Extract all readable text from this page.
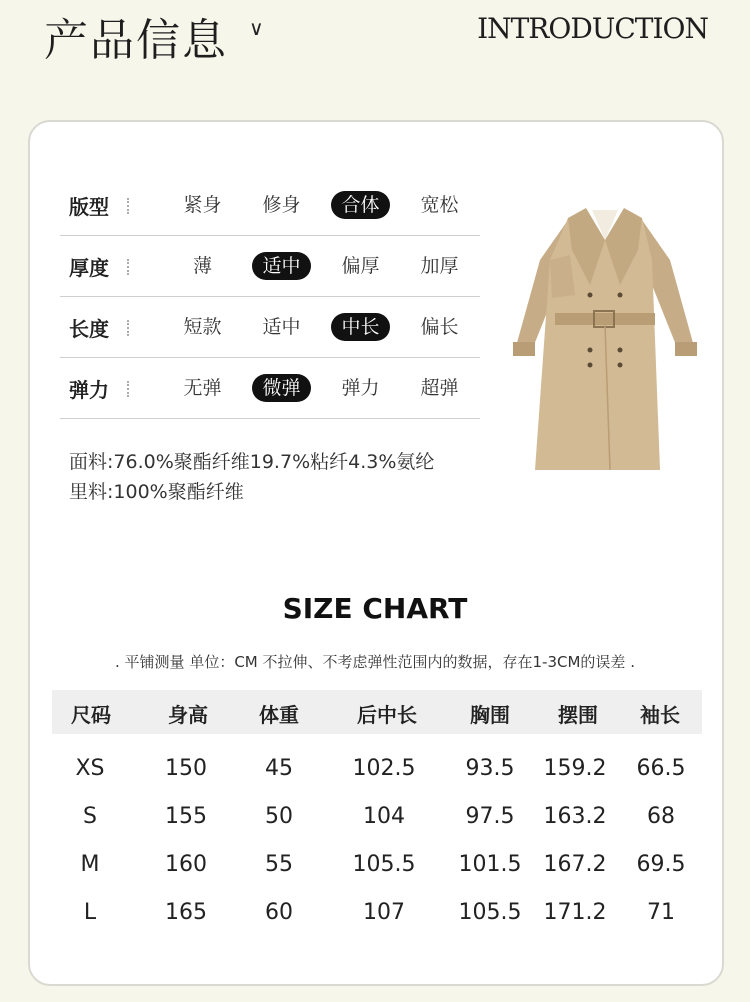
产品信息 ∨	INTRODUCTION
版型	紧身	修身	合体	宽松
厚度	薄	适中	偏厚	加厚
长度	短款	适中	中长	偏长
弹力	无弹	微弹	弹力	超弹
面料:76.0%聚酯纤维19.7%粘纤4.3%氨纶
里料:100%聚酯纤维
SIZE CHART
. 平铺测量 单位：CM 不拉伸、不考虑弹性范围内的数据，存在1-3CM的误差 .
尺码	身高	体重	后中长	胸围	摆围	袖长
XS	150	45	102.5	93.5	159.2	66.5
S	155	50	104	97.5	163.2	68
M	160	55	105.5	101.5	167.2	69.5
L	165	60	107	105.5	171.2	71
